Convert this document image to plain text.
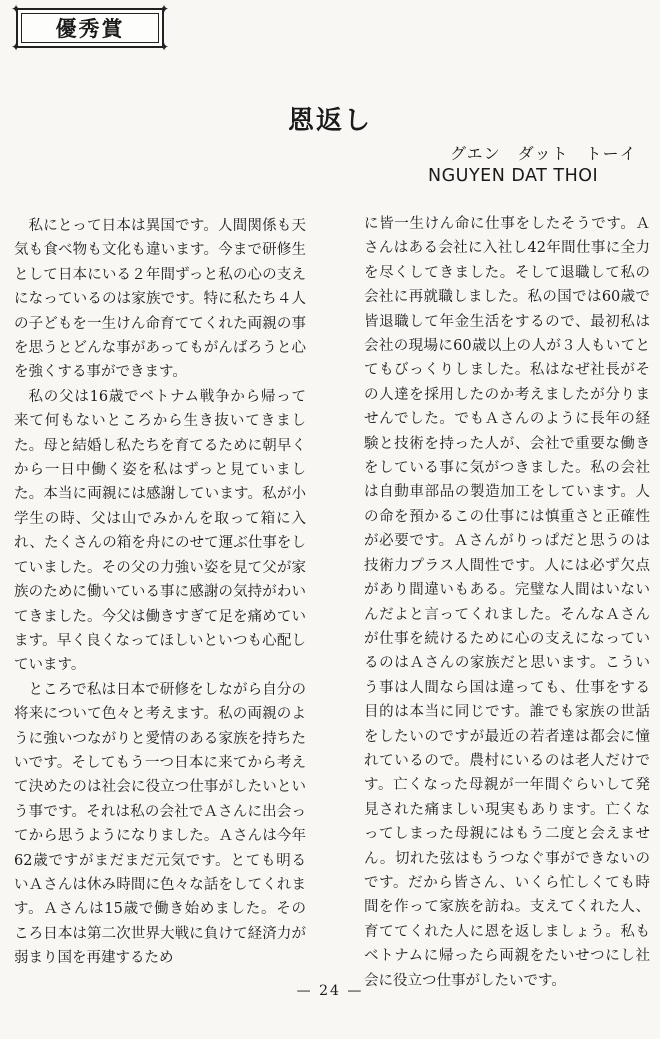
✦	✦
✦	✦
優秀賞
恩返し
グエン　ダット　トーイ
NGUYEN DAT THOI

私にとって日本は異国です。人間関係も天気も食べ物も文化も違います。今まで研修生として日本にいる２年間ずっと私の心の支えになっているのは家族です。特に私たち４人の子どもを一生けん命育ててくれた両親の事を思うとどんな事があってもがんばろうと心を強くする事ができます。

私の父は16歳でベトナム戦争から帰って来て何もないところから生き抜いてきました。母と結婚し私たちを育てるために朝早くから一日中働く姿を私はずっと見ていました。本当に両親には感謝しています。私が小学生の時、父は山でみかんを取って箱に入れ、たくさんの箱を舟にのせて運ぶ仕事をしていました。その父の力強い姿を見て父が家族のために働いている事に感謝の気持がわいてきました。今父は働きすぎて足を痛めています。早く良くなってほしいといつも心配しています。

ところで私は日本で研修をしながら自分の将来について色々と考えます。私の両親のように強いつながりと愛情のある家族を持ちたいです。そしてもう一つ日本に来てから考えて決めたのは社会に役立つ仕事がしたいという事です。それは私の会社でＡさんに出会ってから思うようになりました。Ａさんは今年62歳ですがまだまだ元気です。とても明るいＡさんは休み時間に色々な話をしてくれます。Ａさんは15歳で働き始めました。そのころ日本は第二次世界大戦に負けて経済力が弱まり国を再建するため

に皆一生けん命に仕事をしたそうです。Ａさんはある会社に入社し42年間仕事に全力を尽くしてきました。そして退職して私の会社に再就職しました。私の国では60歳で皆退職して年金生活をするので、最初私は会社の現場に60歳以上の人が３人もいてとてもびっくりしました。私はなぜ社長がその人達を採用したのか考えましたが分りませんでした。でもＡさんのように長年の経験と技術を持った人が、会社で重要な働きをしている事に気がつきました。私の会社は自動車部品の製造加工をしています。人の命を預かるこの仕事には慎重さと正確性が必要です。Ａさんがりっぱだと思うのは技術力プラス人間性です。人には必ず欠点があり間違いもある。完璧な人間はいないんだよと言ってくれました。そんなＡさんが仕事を続けるために心の支えになっているのはＡさんの家族だと思います。こういう事は人間なら国は違っても、仕事をする目的は本当に同じです。誰でも家族の世話をしたいのですが最近の若者達は都会に憧れているので。農村にいるのは老人だけです。亡くなった母親が一年間ぐらいして発見された痛ましい現実もあります。亡くなってしまった母親にはもう二度と会えません。切れた弦はもうつなぐ事ができないのです。だから皆さん、いくら忙しくても時間を作って家族を訪ね。支えてくれた人、育ててくれた人に恩を返しましょう。私もベトナムに帰ったら両親をたいせつにし社会に役立つ仕事がしたいです。

— 24 —
